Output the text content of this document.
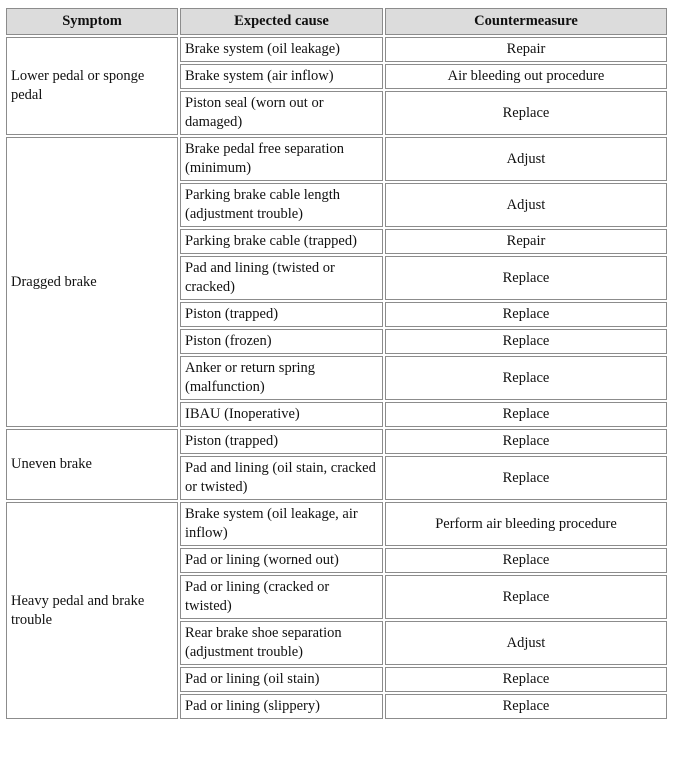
Symptom	Expected cause	Countermeasure
Lower pedal or sponge pedal	Brake system (oil leakage)	Repair
	Brake system (air inflow)	Air bleeding out procedure
	Piston seal (worn out or damaged)	Replace
Dragged brake	Brake pedal free separation (minimum)	Adjust
	Parking brake cable length (adjustment trouble)	Adjust
	Parking brake cable (trapped)	Repair
	Pad and lining (twisted or cracked)	Replace
	Piston (trapped)	Replace
	Piston (frozen)	Replace
	Anker or return spring (malfunction)	Replace
	IBAU (Inoperative)	Replace
Uneven brake	Piston (trapped)	Replace
	Pad and lining (oil stain, cracked or twisted)	Replace
Heavy pedal and brake trouble	Brake system (oil leakage, air inflow)	Perform air bleeding procedure
	Pad or lining (worned out)	Replace
	Pad or lining (cracked or twisted)	Replace
	Rear brake shoe separation (adjustment trouble)	Adjust
	Pad or lining (oil stain)	Replace
	Pad or lining (slippery)	Replace
